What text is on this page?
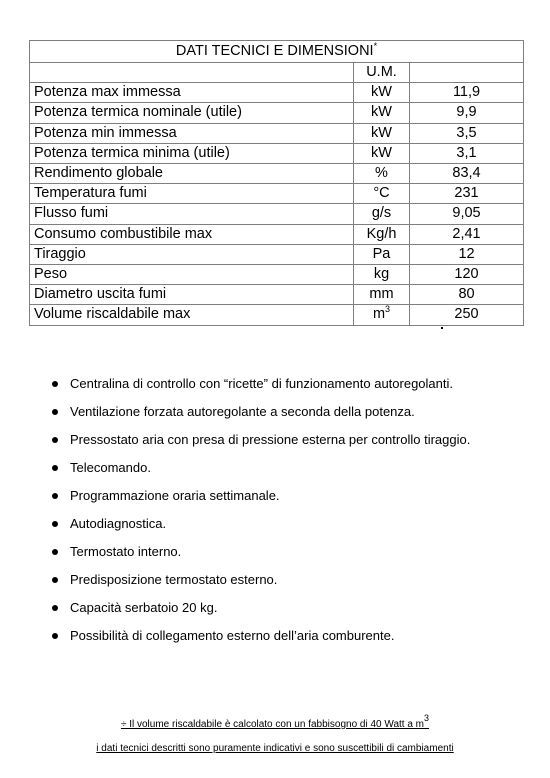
DATI TECNICI E DIMENSIONI*
	U.M.	
Potenza max immessa	kW	11,9
Potenza termica nominale (utile)	kW	9,9
Potenza min immessa	kW	3,5
Potenza termica minima (utile)	kW	3,1
Rendimento globale	%	83,4
Temperatura fumi	°C	231
Flusso fumi	g/s	9,05
Consumo combustibile max	Kg/h	2,41
Tiraggio	Pa	12
Peso	kg	120
Diametro uscita fumi	mm	80
Volume riscaldabile max	$m^3$	250
Centralina di controllo con “ricette” di funzionamento autoregolanti.
Ventilazione forzata autoregolante a seconda della potenza.
Pressostato aria con presa di pressione esterna per controllo tiraggio.
Telecomando.
Programmazione oraria settimanale.
Autodiagnostica.
Termostato interno.
Predisposizione termostato esterno.
Capacità serbatoio 20 kg.
Possibilità di collegamento esterno dell’aria comburente.
÷ Il volume riscaldabile è calcolato con un fabbisogno di 40 Watt a $m^3$
i dati tecnici descritti sono puramente indicativi e sono suscettibili di cambiamenti
